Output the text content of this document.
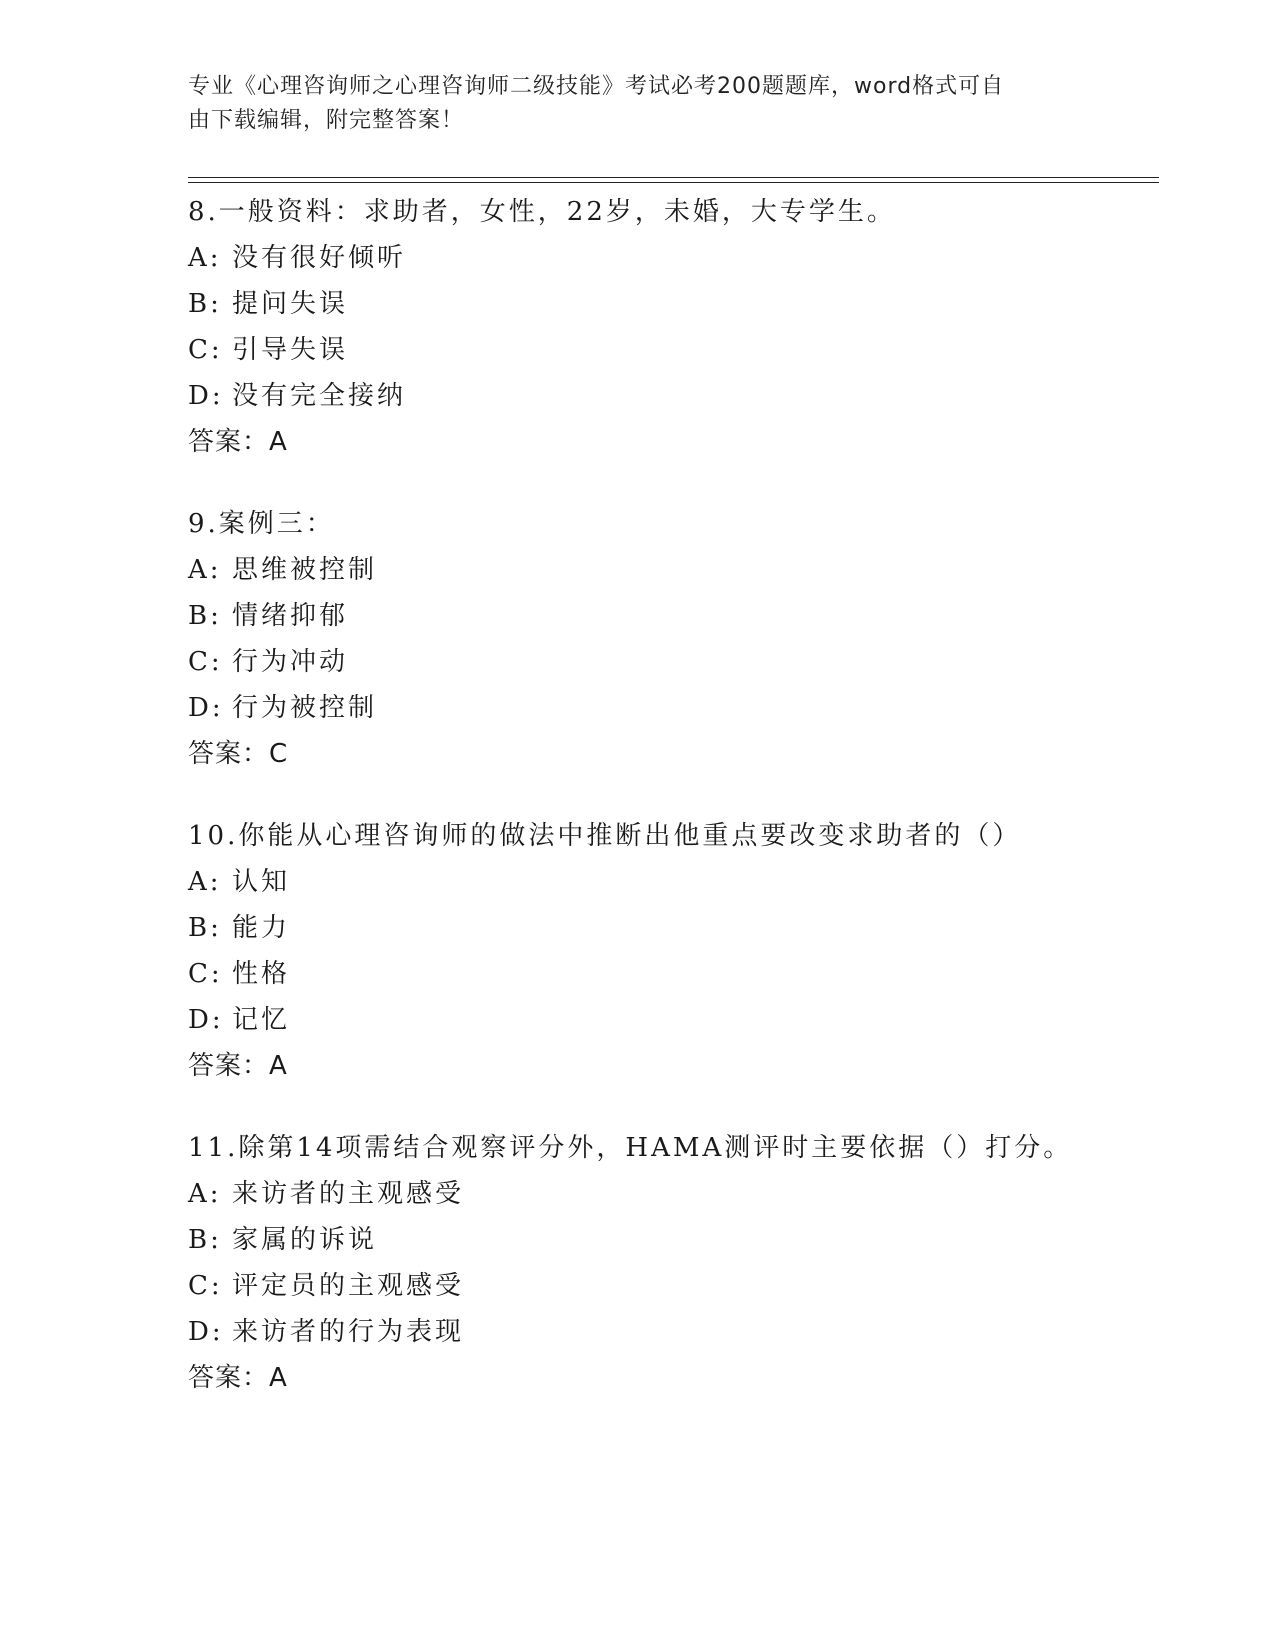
专业《心理咨询师之心理咨询师二级技能》考试必考200题题库，word格式可自
由下载编辑，附完整答案！
8.一般资料：求助者，女性，22岁，未婚，大专学生。
A: 没有很好倾听
B: 提问失误
C: 引导失误
D: 没有完全接纳
答案：A
9.案例三：
A: 思维被控制
B: 情绪抑郁
C: 行为冲动
D: 行为被控制
答案：C
10.你能从心理咨询师的做法中推断出他重点要改变求助者的（）
A: 认知
B: 能力
C: 性格
D: 记忆
答案：A
11.除第14项需结合观察评分外，HAMA测评时主要依据（）打分。
A: 来访者的主观感受
B: 家属的诉说
C: 评定员的主观感受
D: 来访者的行为表现
答案：A
